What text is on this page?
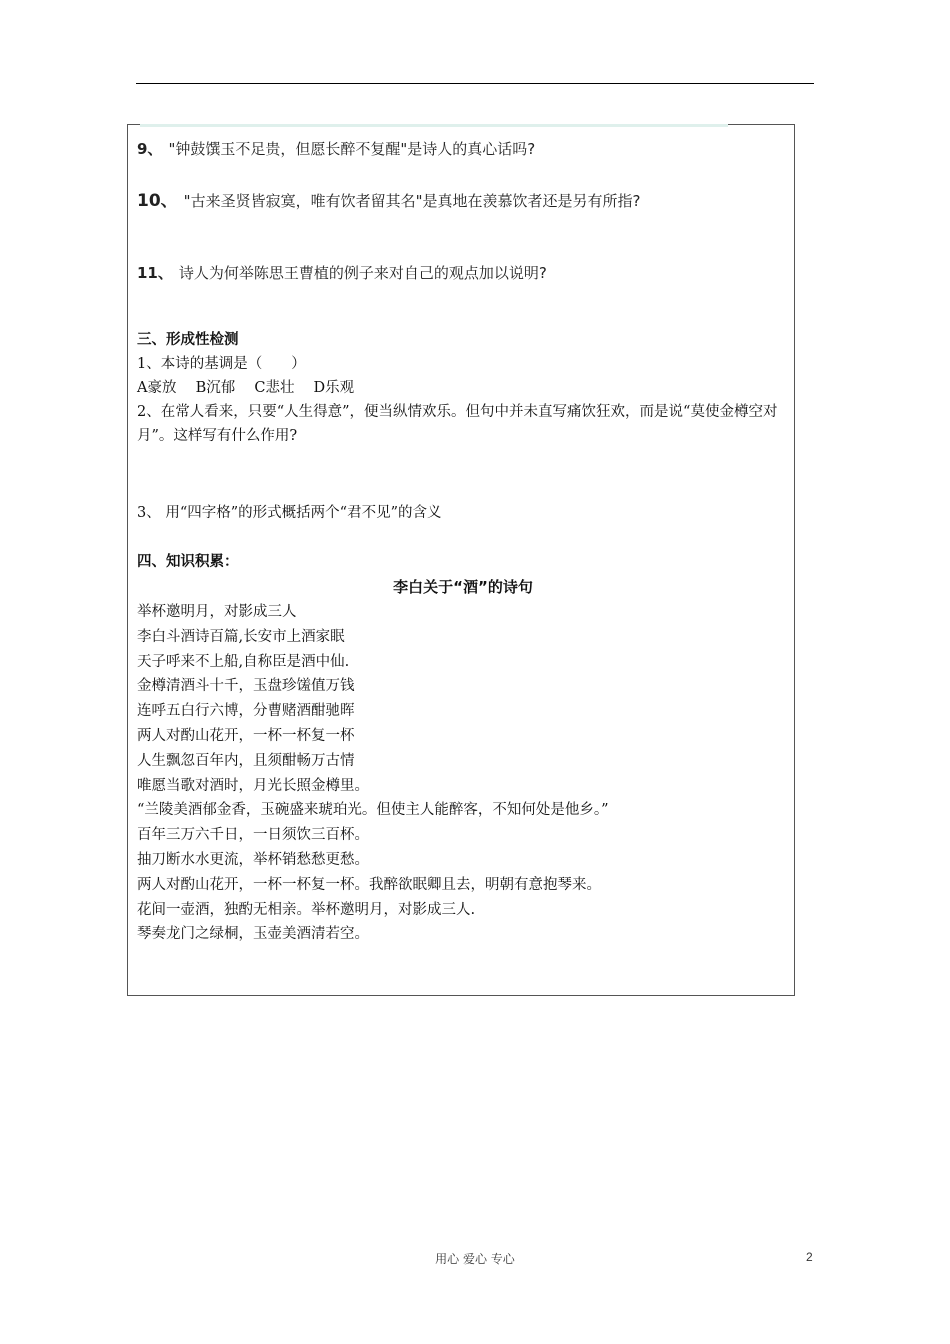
9、 "钟鼓馔玉不足贵，但愿长醉不复醒"是诗人的真心话吗?
10、 "古来圣贤皆寂寞，唯有饮者留其名"是真地在羡慕饮者还是另有所指?
11、 诗人为何举陈思王曹植的例子来对自己的观点加以说明?
三、形成性检测
1、本诗的基调是（　　）
A豪放　 B沉郁　 C悲壮　 D乐观
2、在常人看来，只要“人生得意”，便当纵情欢乐。但句中并未直写痛饮狂欢，而是说“莫使金樽空对月”。这样写有什么作用?
3、 用“四字格”的形式概括两个“君不见”的含义
四、知识积累：
李白关于“酒”的诗句
举杯邀明月，对影成三人
李白斗酒诗百篇,长安市上酒家眠
天子呼来不上船,自称臣是酒中仙.
金樽清酒斗十千，玉盘珍馐值万钱
连呼五白行六博，分曹赌酒酣驰晖
两人对酌山花开，一杯一杯复一杯
人生飘忽百年内，且须酣畅万古情
唯愿当歌对酒时，月光长照金樽里。
“兰陵美酒郁金香，玉碗盛来琥珀光。但使主人能醉客，不知何处是他乡。”
百年三万六千日，一日须饮三百杯。
抽刀断水水更流，举杯销愁愁更愁。
两人对酌山花开，一杯一杯复一杯。我醉欲眠卿且去，明朝有意抱琴来。
花间一壶酒，独酌无相亲。举杯邀明月，对影成三人.
琴奏龙门之绿桐，玉壶美酒清若空。
用心 爱心 专心	2
